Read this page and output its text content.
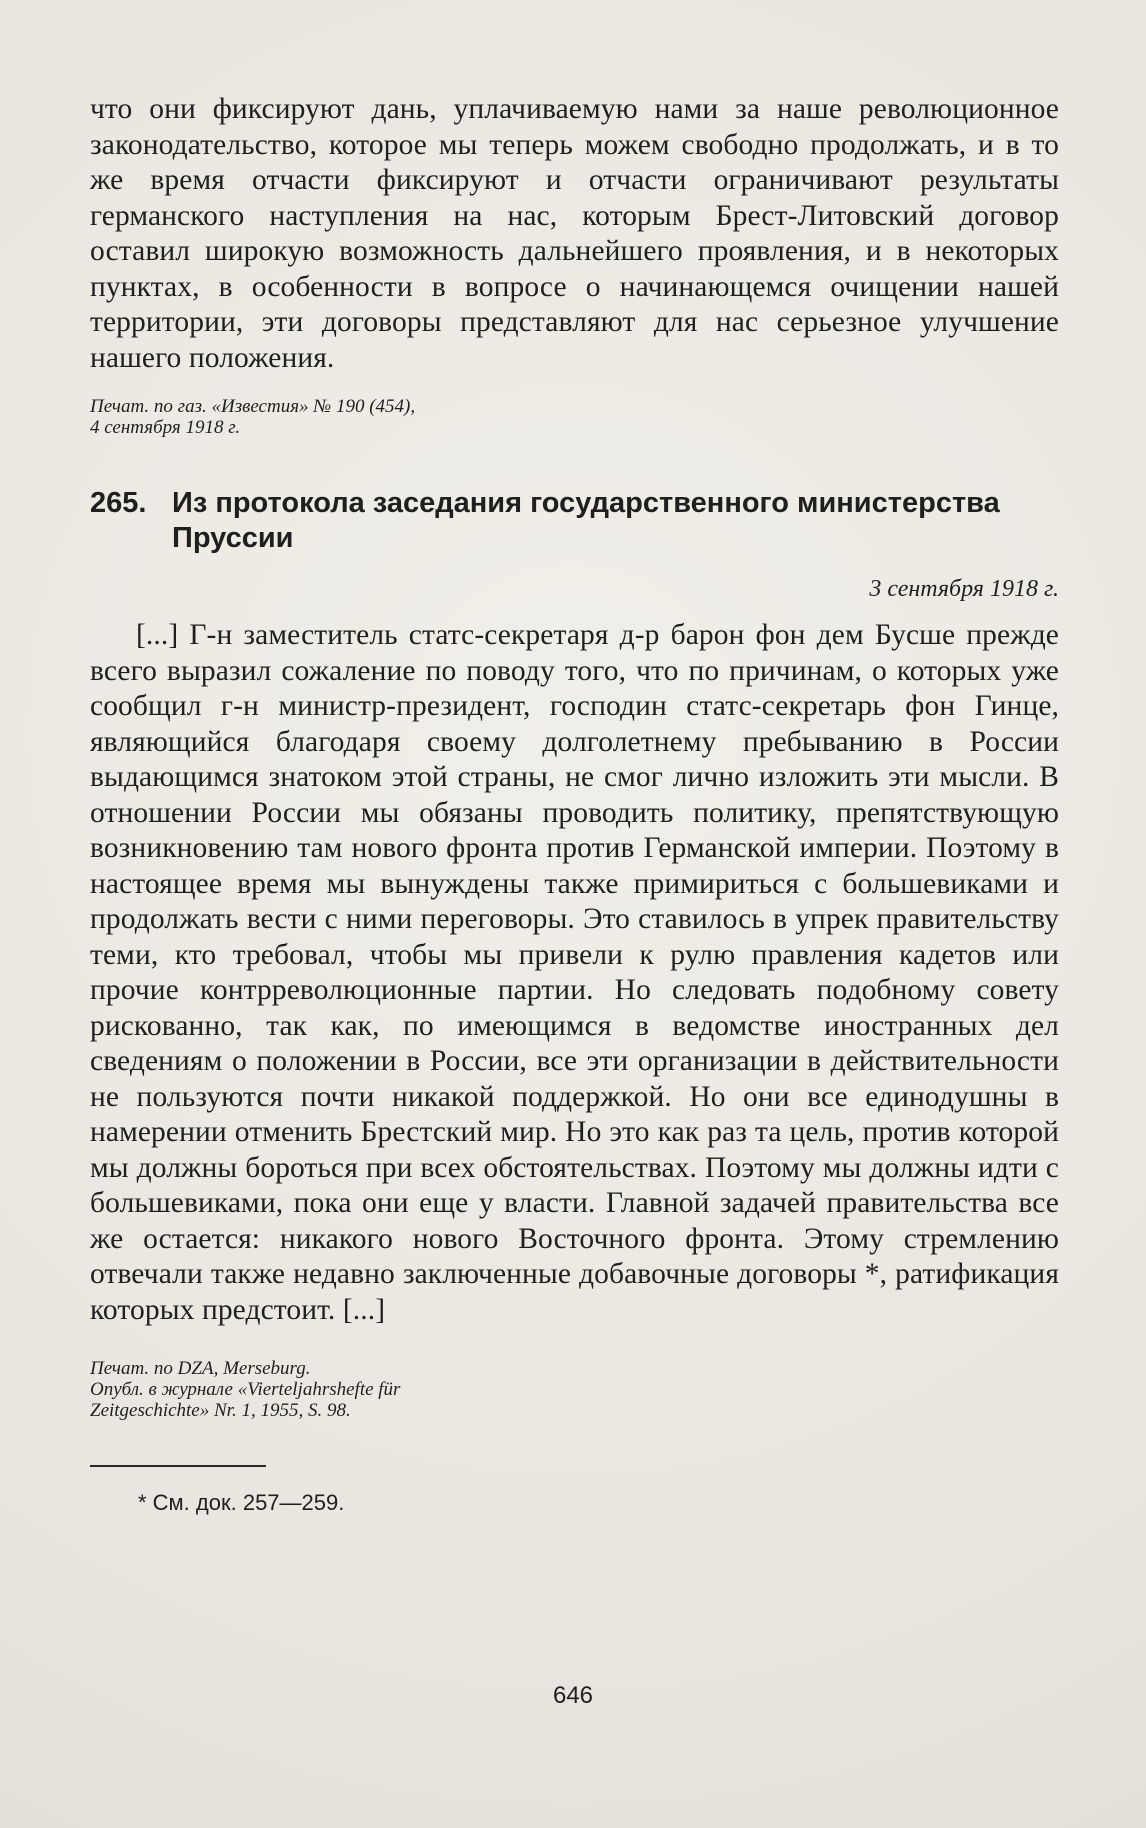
что они фиксируют дань, уплачиваемую нами за наше революционное законодательство, которое мы теперь можем свободно продолжать, и в то же время отчасти фиксируют и отчасти ограничивают результаты германского наступления на нас, которым Брест-Литовский договор оставил широкую возможность дальнейшего проявления, и в некоторых пунктах, в особенности в вопросе о начинающемся очищении нашей территории, эти договоры представляют для нас серьезное улучшение нашего положения.

Печат. по газ. «Известия» № 190 (454),

4 сентября 1918 г.

265. Из протокола заседания государственного министерства Пруссии

3 сентября 1918 г.

[...] Г-н заместитель статс-секретаря д-р барон фон дем Бусше прежде всего выразил сожаление по поводу того, что по причинам, о которых уже сообщил г-н министр-президент, господин статс-секретарь фон Гинце, являющийся благодаря своему долголетнему пребыванию в России выдающимся знатоком этой страны, не смог лично изложить эти мысли. В отношении России мы обязаны проводить политику, препятствующую возникновению там нового фронта против Германской империи. Поэтому в настоящее время мы вынуждены также примириться с большевиками и продолжать вести с ними переговоры. Это ставилось в упрек правительству теми, кто требовал, чтобы мы привели к рулю правления кадетов или прочие контрреволюционные партии. Но следовать подобному совету рискованно, так как, по имеющимся в ведомстве иностранных дел сведениям о положении в России, все эти организации в действительности не пользуются почти никакой поддержкой. Но они все единодушны в намерении отменить Брестский мир. Но это как раз та цель, против которой мы должны бороться при всех обстоятельствах. Поэтому мы должны идти с большевиками, пока они еще у власти. Главной задачей правительства все же остается: никакого нового Восточного фронта. Этому стремлению отвечали также недавно заключенные добавочные договоры *, ратификация которых предстоит. [...]

Печат. по DZA, Merseburg.

Опубл. в журнале «Vierteljahrshefte für

Zeitgeschichte» Nr. 1, 1955, S. 98.

* См. док. 257—259.

646
